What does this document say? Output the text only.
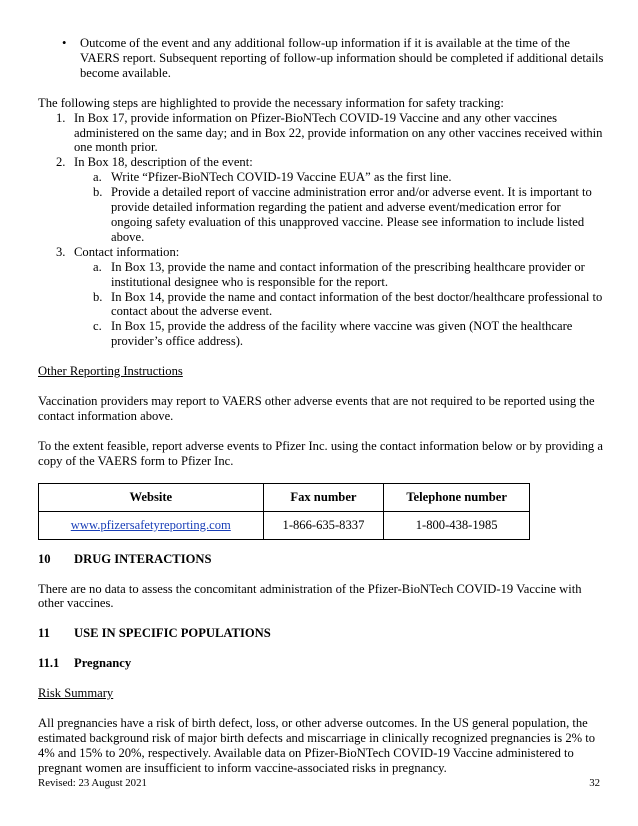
• Outcome of the event and any additional follow-up information if it is available at the time of the VAERS report. Subsequent reporting of follow-up information should be completed if additional details become available.

The following steps are highlighted to provide the necessary information for safety tracking:

1. In Box 17, provide information on Pfizer-BioNTech COVID-19 Vaccine and any other vaccines administered on the same day; and in Box 22, provide information on any other vaccines received within one month prior.

2. In Box 18, description of the event:

a. Write “Pfizer-BioNTech COVID-19 Vaccine EUA” as the first line.

b. Provide a detailed report of vaccine administration error and/or adverse event. It is important to provide detailed information regarding the patient and adverse event/medication error for ongoing safety evaluation of this unapproved vaccine. Please see information to include listed above.

3. Contact information:

a. In Box 13, provide the name and contact information of the prescribing healthcare provider or institutional designee who is responsible for the report.

b. In Box 14, provide the name and contact information of the best doctor/healthcare professional to contact about the adverse event.

c. In Box 15, provide the address of the facility where vaccine was given (NOT the healthcare provider’s office address).

Other Reporting Instructions

Vaccination providers may report to VAERS other adverse events that are not required to be reported using the contact information above.

To the extent feasible, report adverse events to Pfizer Inc. using the contact information below or by providing a copy of the VAERS form to Pfizer Inc.

Website	Fax number	Telephone number
www.pfizersafetyreporting.com	1-866-635-8337	1-800-438-1985
10	DRUG INTERACTIONS

There are no data to assess the concomitant administration of the Pfizer-BioNTech COVID-19 Vaccine with other vaccines.

11	USE IN SPECIFIC POPULATIONS
11.1	Pregnancy

Risk Summary

All pregnancies have a risk of birth defect, loss, or other adverse outcomes. In the US general population, the estimated background risk of major birth defects and miscarriage in clinically recognized pregnancies is 2% to 4% and 15% to 20%, respectively. Available data on Pfizer-BioNTech COVID-19 Vaccine administered to pregnant women are insufficient to inform vaccine-associated risks in pregnancy.

Revised: 23 August 2021	32
